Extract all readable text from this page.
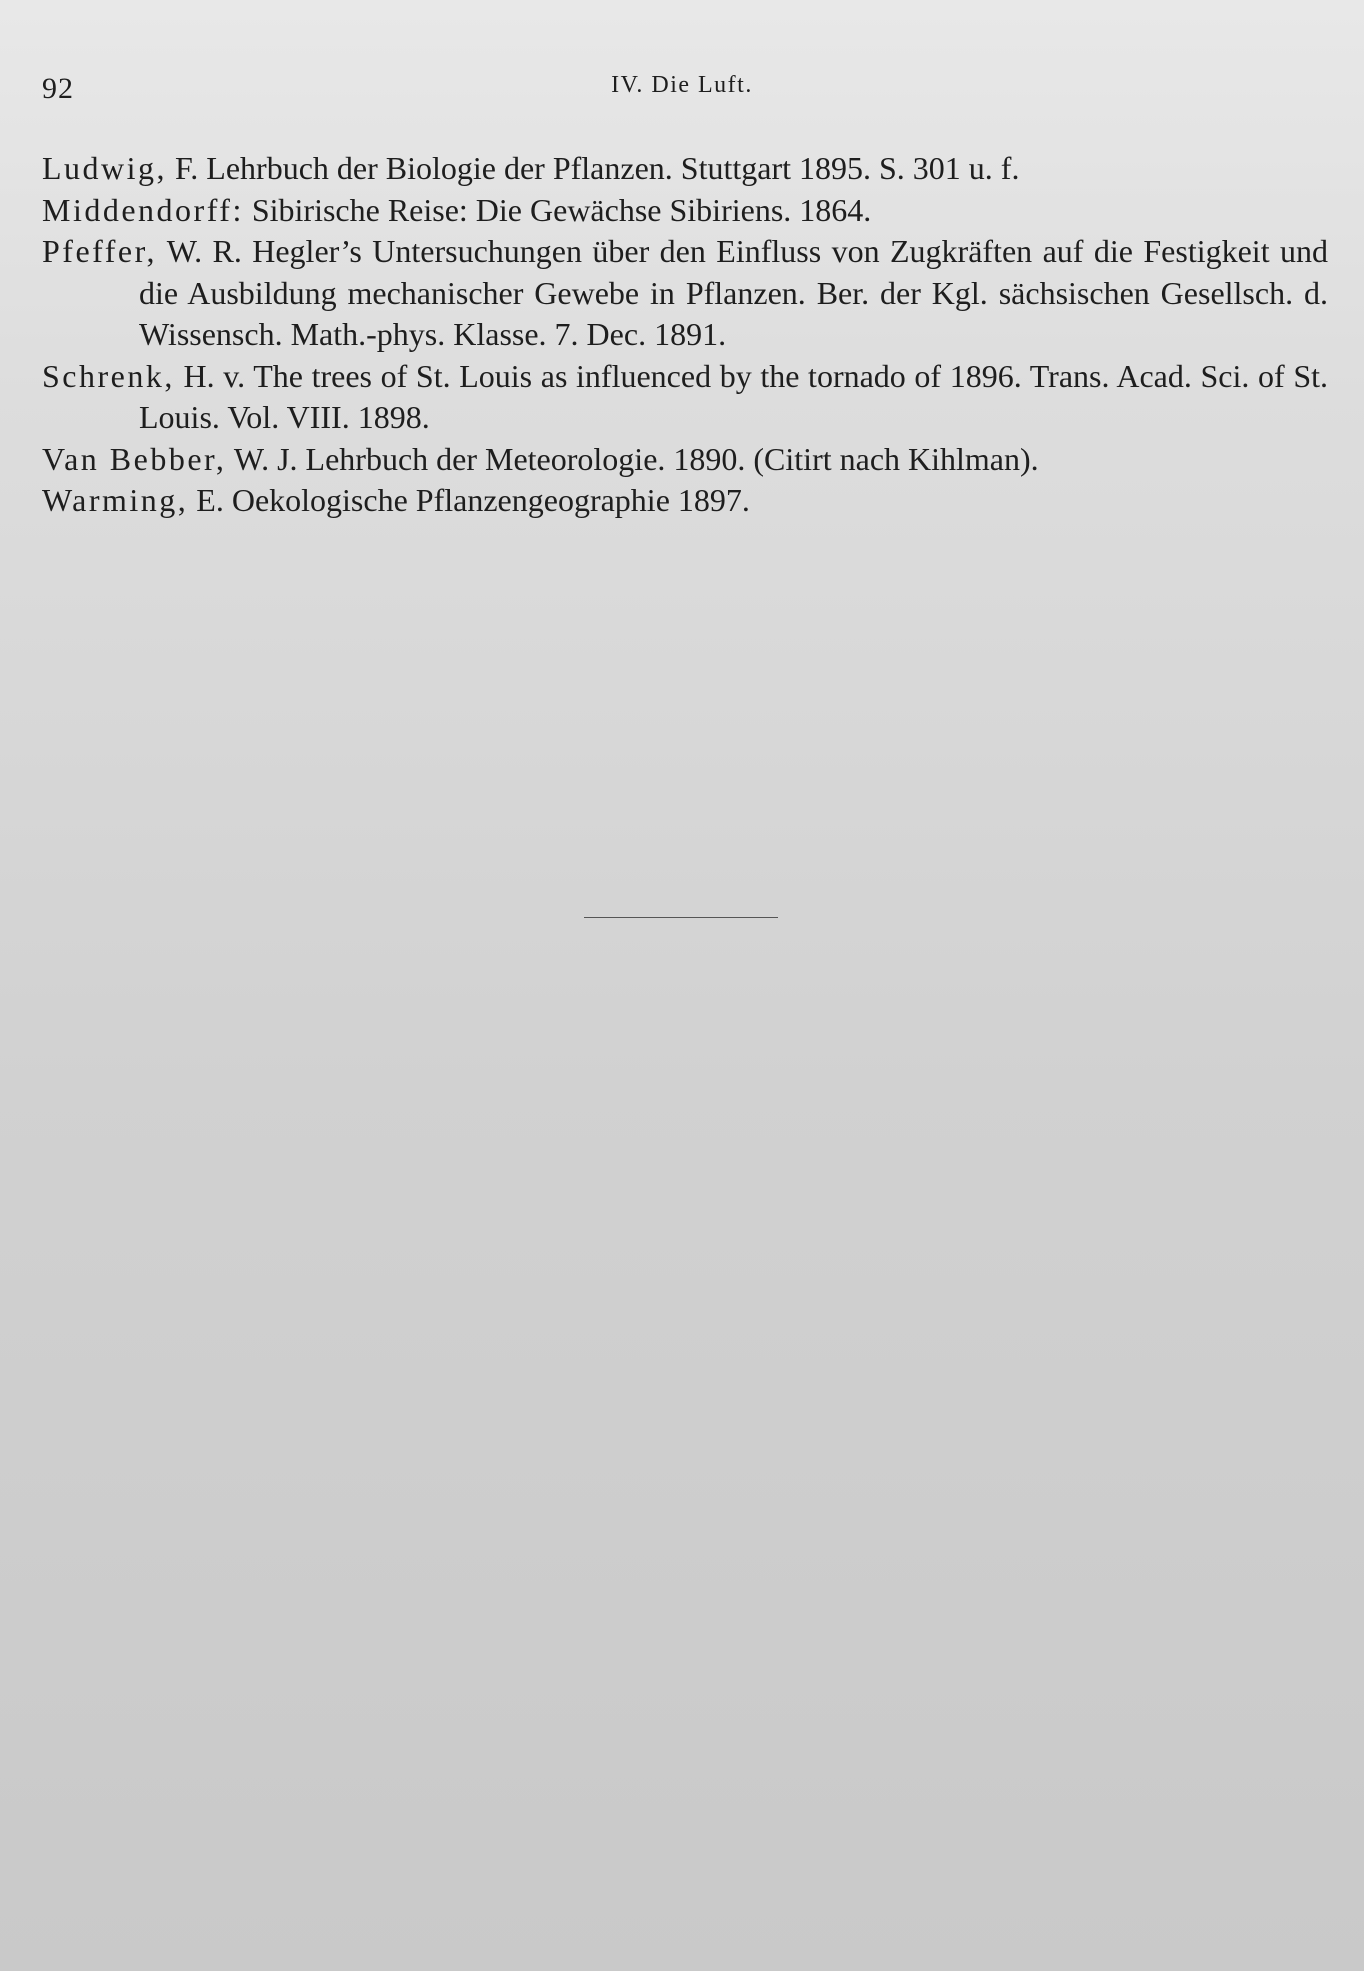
92	IV. Die Luft.
Ludwig, F. Lehrbuch der Biologie der Pflanzen. Stuttgart 1895. S. 301 u. f.
Middendorff: Sibirische Reise: Die Gewächse Sibiriens. 1864.
Pfeffer, W. R. Hegler’s Untersuchungen über den Einfluss von Zugkräften auf die Festigkeit und die Ausbildung mechanischer Gewebe in Pflanzen. Ber. der Kgl. sächsischen Gesellsch. d. Wissensch. Math.-phys. Klasse. 7. Dec. 1891.
Schrenk, H. v. The trees of St. Louis as influenced by the tornado of 1896. Trans. Acad. Sci. of St. Louis. Vol. VIII. 1898.
Van Bebber, W. J. Lehrbuch der Meteorologie. 1890. (Citirt nach Kihlman).
Warming, E. Oekologische Pflanzengeographie 1897.
